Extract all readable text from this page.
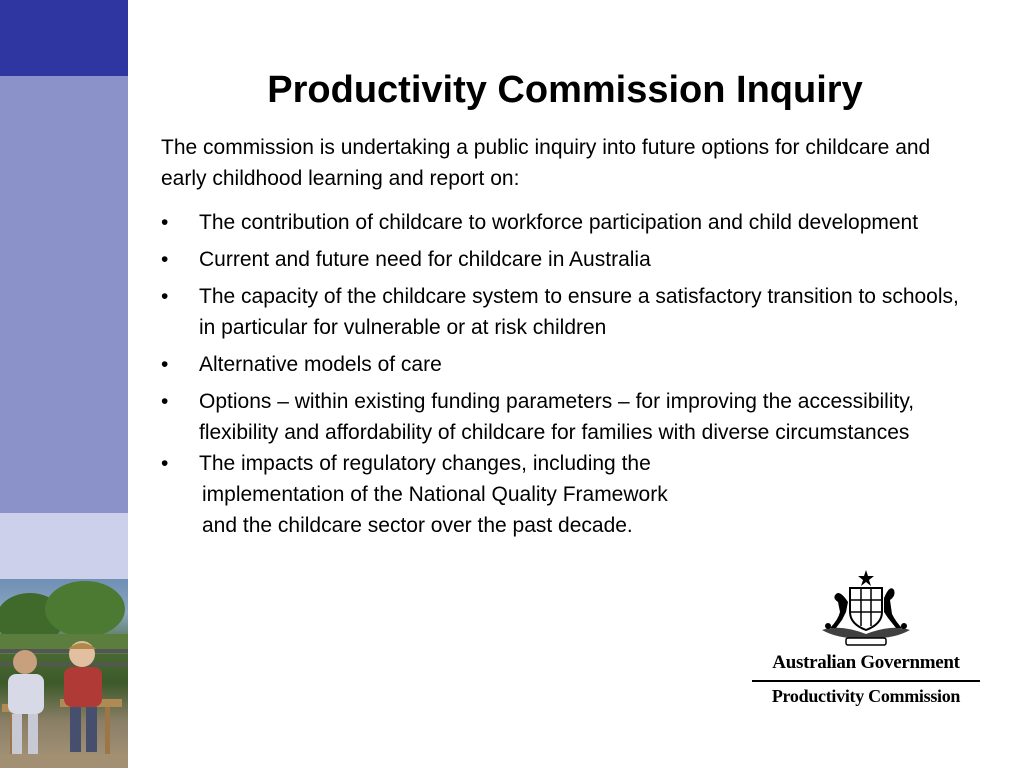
Productivity Commission Inquiry
The commission is undertaking a public inquiry into future options for childcare and early childhood learning and report on:
• The contribution of childcare to workforce participation and child development
• Current and future need for childcare in Australia
• The capacity of the childcare system to ensure a satisfactory transition to schools, in particular for vulnerable or at risk children
• Alternative models of care
• Options – within existing funding parameters – for improving the accessibility, flexibility and affordability of childcare for families with diverse circumstances
• The impacts of regulatory changes, including the
implementation of the National Quality Framework
and the childcare sector over the past decade.
Australian Government
Productivity Commission
